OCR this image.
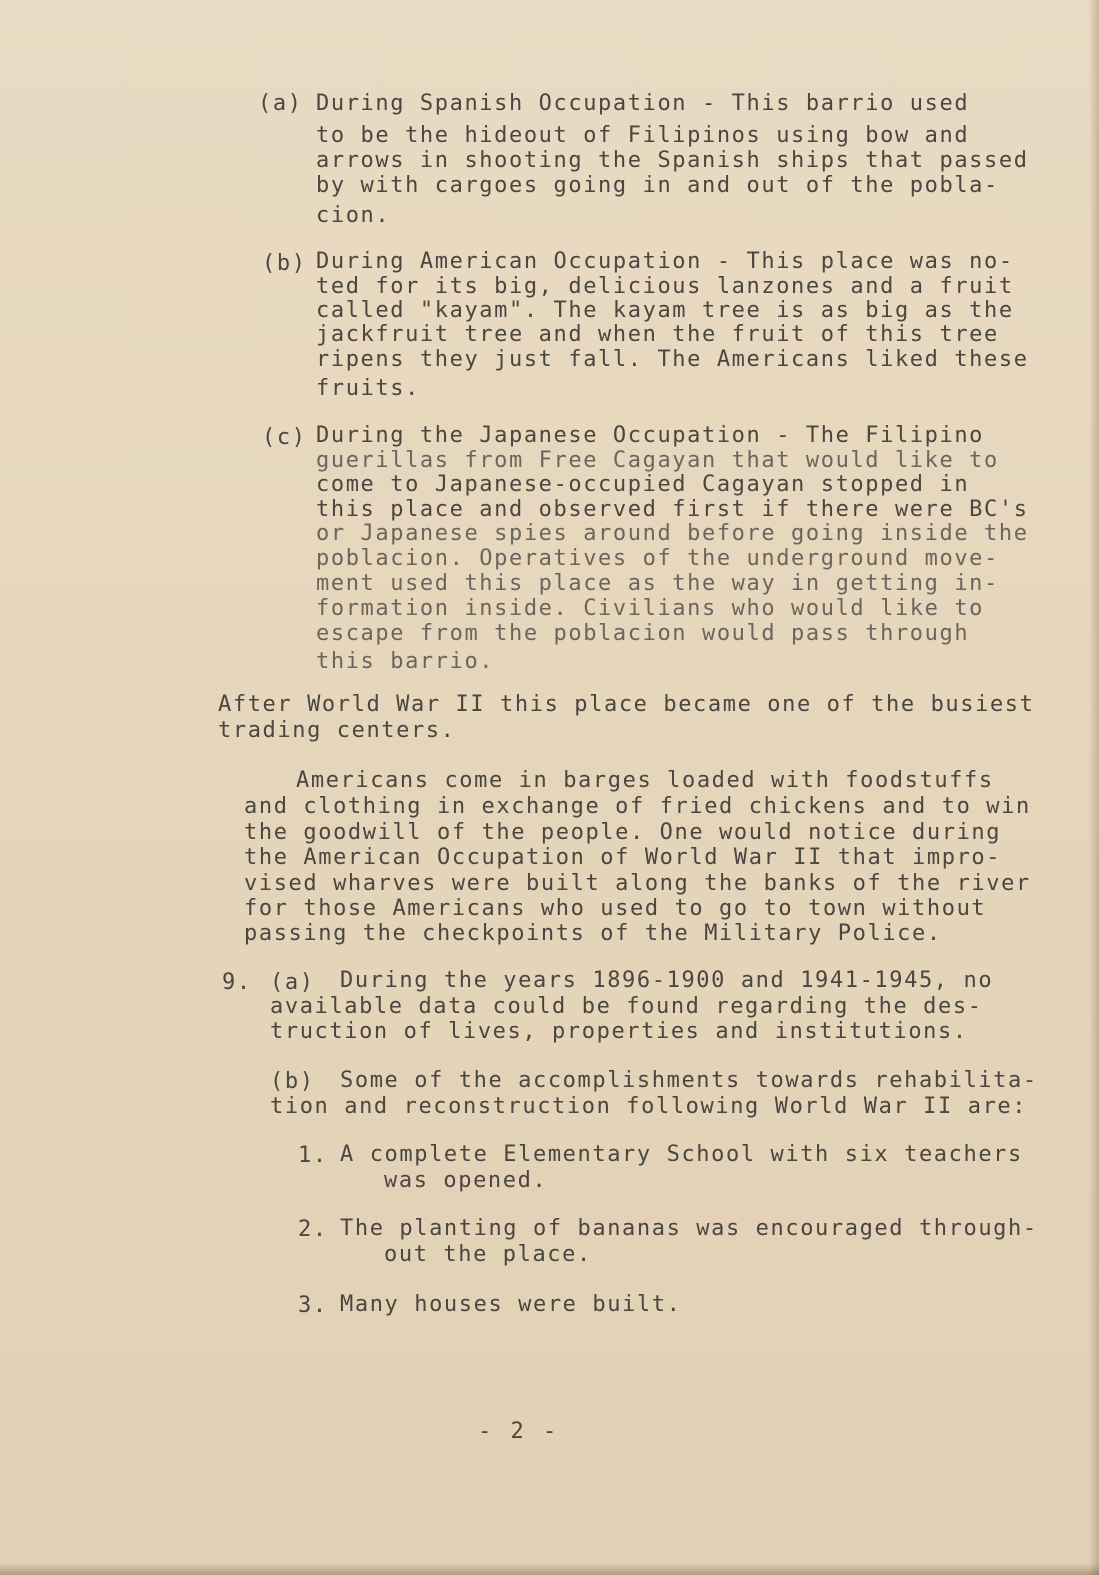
(a) During Spanish Occupation - This barrio used
to be the hideout of Filipinos using bow and
arrows in shooting the Spanish ships that passed
by with cargoes going in and out of the pobla-
cion.
(b) During American Occupation - This place was no-
ted for its big, delicious lanzones and a fruit
called "kayam". The kayam tree is as big as the
jackfruit tree and when the fruit of this tree
ripens they just fall. The Americans liked these
fruits.
(c) During the Japanese Occupation - The Filipino
guerillas from Free Cagayan that would like to
come to Japanese-occupied Cagayan stopped in
this place and observed first if there were BC's
or Japanese spies around before going inside the
poblacion. Operatives of the underground move-
ment used this place as the way in getting in-
formation inside. Civilians who would like to
escape from the poblacion would pass through
this barrio.
After World War II this place became one of the busiest
trading centers.
Americans come in barges loaded with foodstuffs
and clothing in exchange of fried chickens and to win
the goodwill of the people. One would notice during
the American Occupation of World War II that impro-
vised wharves were built along the banks of the river
for those Americans who used to go to town without
passing the checkpoints of the Military Police.
9. (a) During the years 1896-1900 and 1941-1945, no
available data could be found regarding the des-
truction of lives, properties and institutions.
(b) Some of the accomplishments towards rehabilita-
tion and reconstruction following World War II are:
1. A complete Elementary School with six teachers
was opened.
2. The planting of bananas was encouraged through-
out the place.
3. Many houses were built.
- 2 -
